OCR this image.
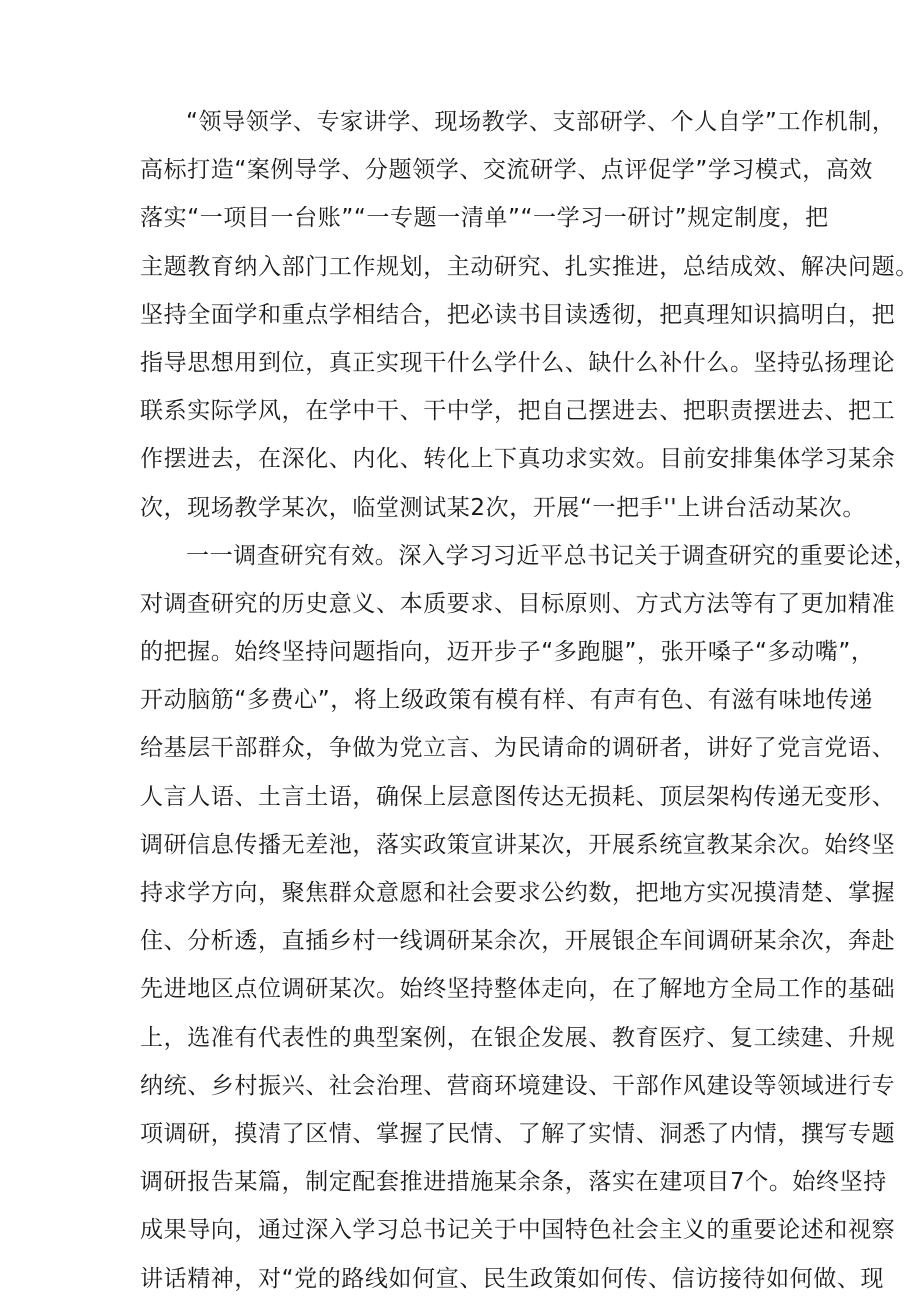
“领导领学、专家讲学、现场教学、支部研学、个人自学”工作机制，
高标打造“案例导学、分题领学、交流研学、点评促学”学习模式，高效
落实“一项目一台账”“一专题一清单”“一学习一研讨”规定制度，把
主题教育纳入部门工作规划，主动研究、扎实推进，总结成效、解决问题。
坚持全面学和重点学相结合，把必读书目读透彻，把真理知识搞明白，把
指导思想用到位，真正实现干什么学什么、缺什么补什么。坚持弘扬理论
联系实际学风，在学中干、干中学，把自己摆进去、把职责摆进去、把工
作摆进去，在深化、内化、转化上下真功求实效。目前安排集体学习某余
次，现场教学某次，临堂测试某2次，开展“一把手''上讲台活动某次。
一一调查研究有效。深入学习习近平总书记关于调查研究的重要论述，
对调查研究的历史意义、本质要求、目标原则、方式方法等有了更加精准
的把握。始终坚持问题指向，迈开步子“多跑腿”，张开嗓子“多动嘴”，
开动脑筋“多费心”，将上级政策有模有样、有声有色、有滋有味地传递
给基层干部群众，争做为党立言、为民请命的调研者，讲好了党言党语、
人言人语、土言土语，确保上层意图传达无损耗、顶层架构传递无变形、
调研信息传播无差池，落实政策宣讲某次，开展系统宣教某余次。始终坚
持求学方向，聚焦群众意愿和社会要求公约数，把地方实况摸清楚、掌握
住、分析透，直插乡村一线调研某余次，开展银企车间调研某余次，奔赴
先进地区点位调研某次。始终坚持整体走向，在了解地方全局工作的基础
上，选准有代表性的典型案例，在银企发展、教育医疗、复工续建、升规
纳统、乡村振兴、社会治理、营商环境建设、干部作风建设等领域进行专
项调研，摸清了区情、掌握了民情、了解了实情、洞悉了内情，撰写专题
调研报告某篇，制定配套推进措施某余条，落实在建项目7个。始终坚持
成果导向，通过深入学习总书记关于中国特色社会主义的重要论述和视察
讲话精神，对“党的路线如何宣、民生政策如何传、信访接待如何做、现
